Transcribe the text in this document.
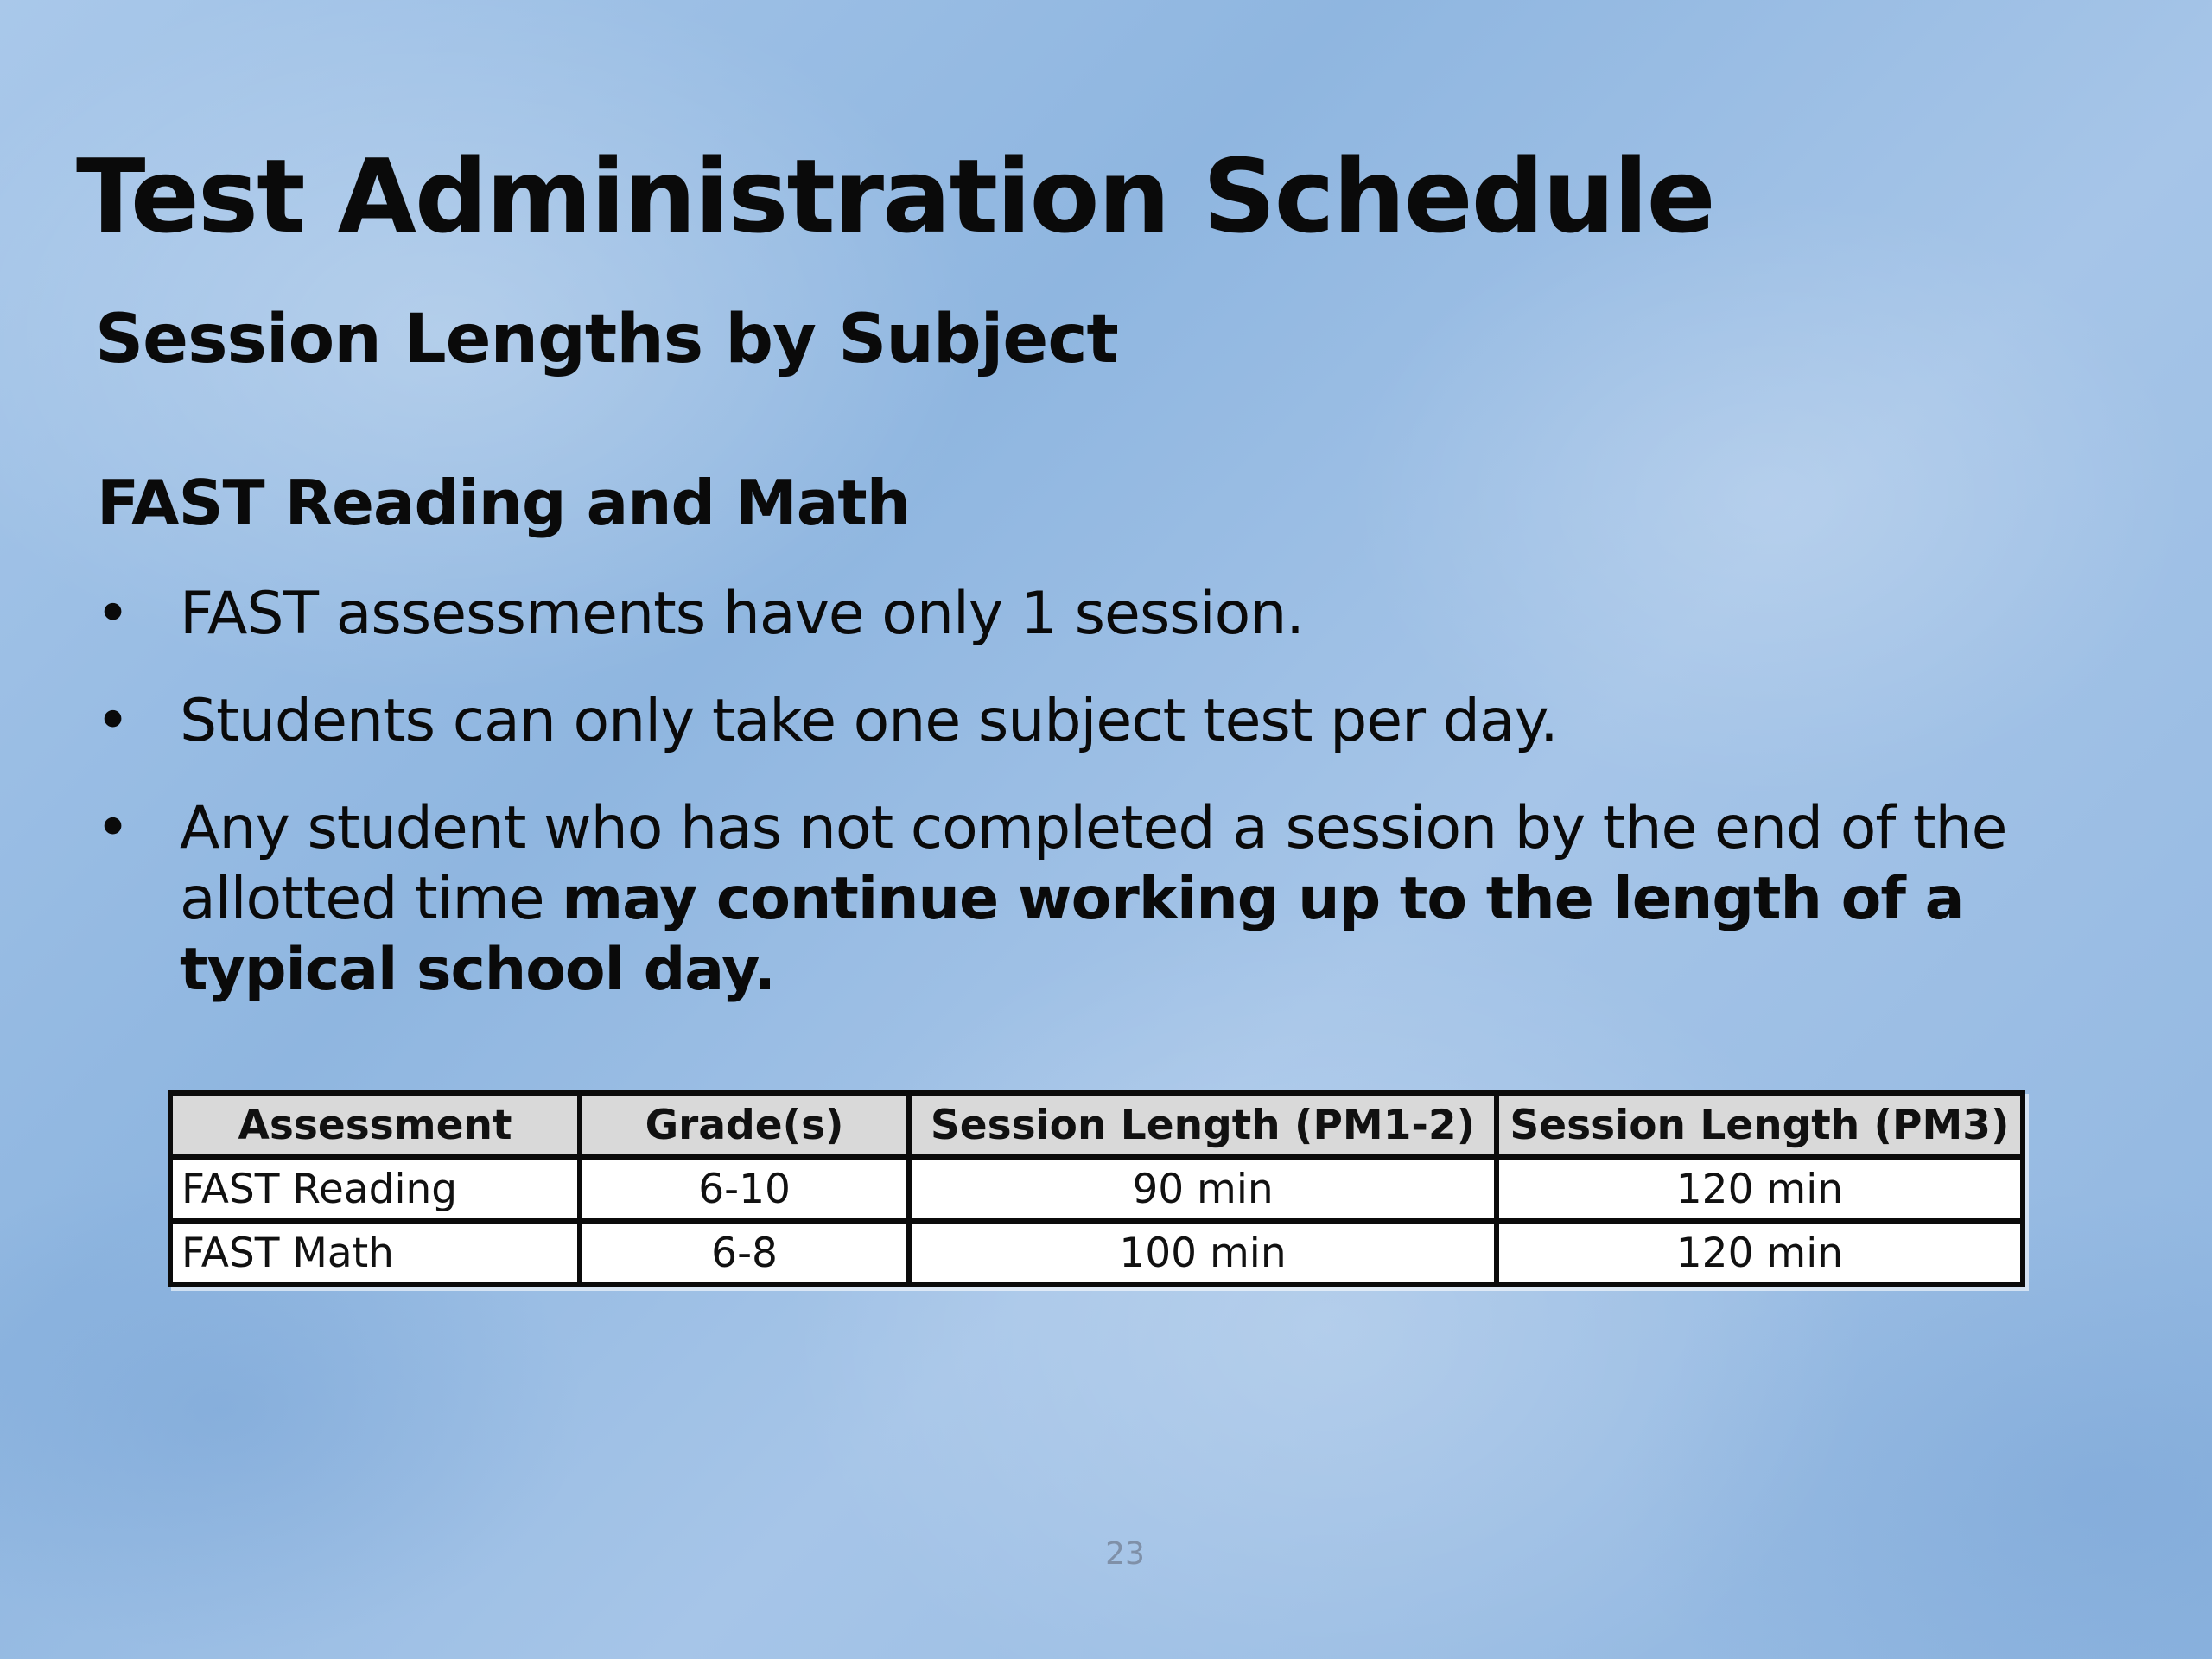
Test Administration Schedule
Session Lengths by Subject
FAST Reading and Math
• FAST assessments have only 1 session.
• Students can only take one subject test per day.
• Any student who has not completed a session by the end of the allotted time may continue working up to the length of a typical school day.
Assessment	Grade(s)	Session Length (PM1-2)	Session Length (PM3)
FAST Reading	6-10	90 min	120 min
FAST Math	6-8	100 min	120 min
23
